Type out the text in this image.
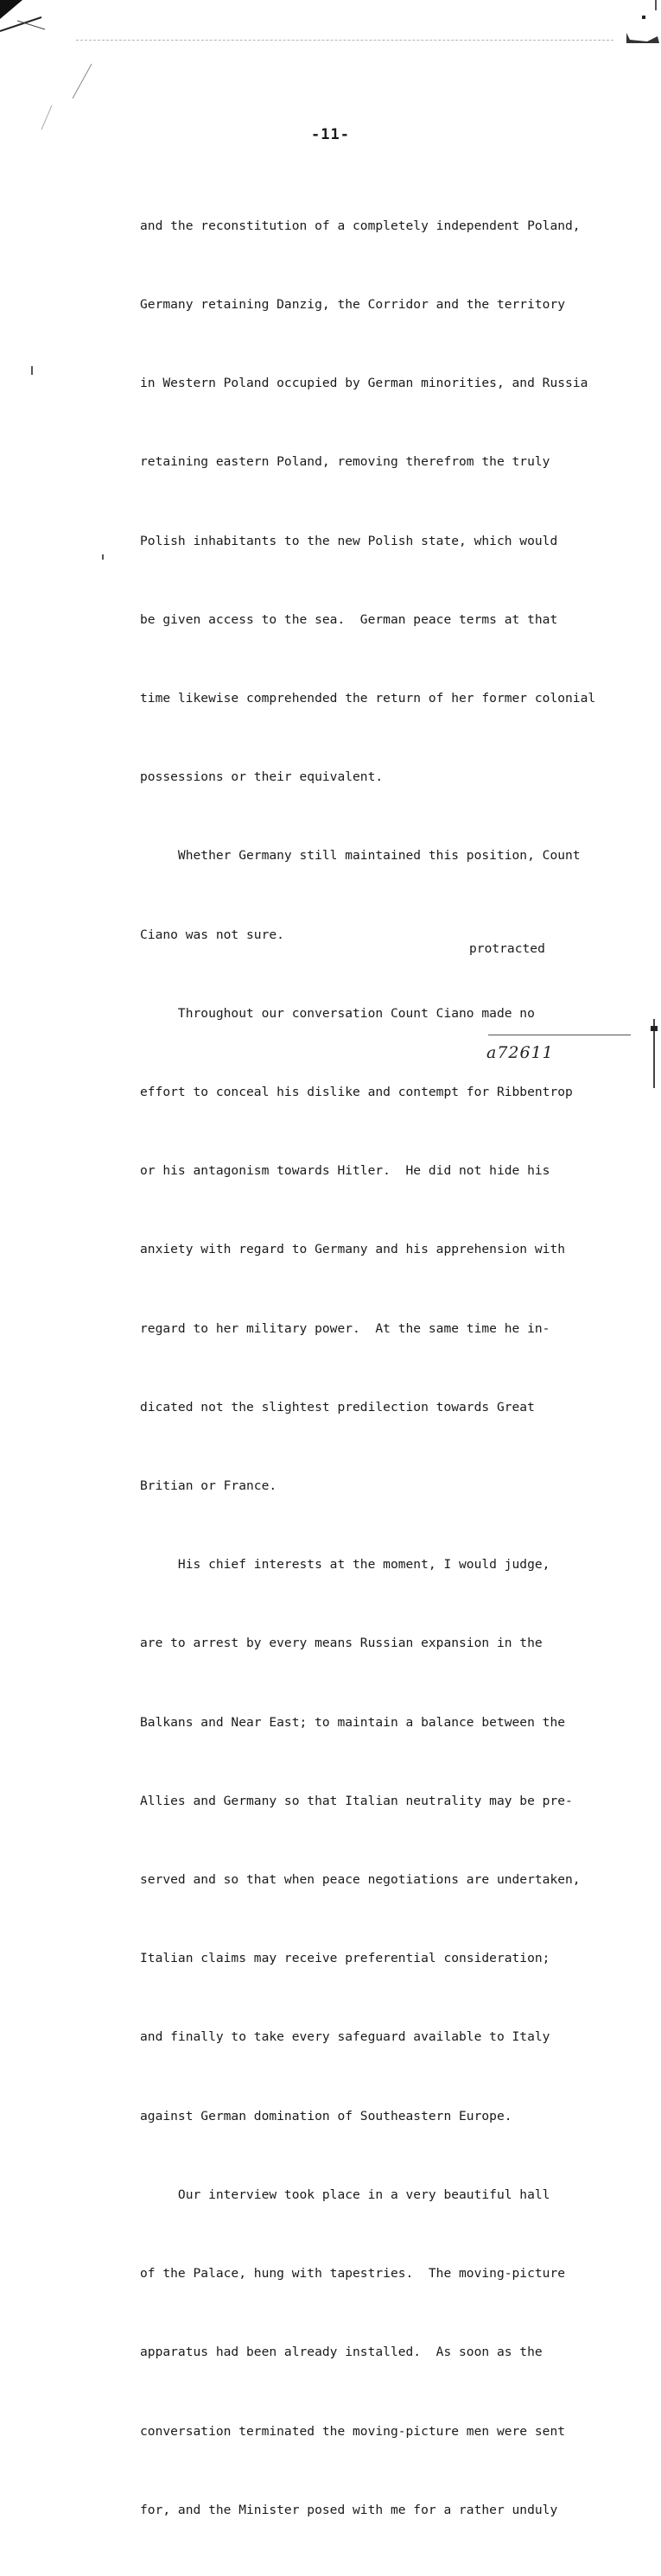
-11-

and the reconstitution of a completely independent Poland,

Germany retaining Danzig, the Corridor and the territory

in Western Poland occupied by German minorities, and Russia

retaining eastern Poland, removing therefrom the truly

Polish inhabitants to the new Polish state, which would

be given access to the sea.  German peace terms at that

time likewise comprehended the return of her former colonial

possessions or their equivalent.

Whether Germany still maintained this position, Count

Ciano was not sure.

Throughout our conversation Count Ciano made no

effort to conceal his dislike and contempt for Ribbentrop

or his antagonism towards Hitler.  He did not hide his

anxiety with regard to Germany and his apprehension with

regard to her military power.  At the same time he in-

dicated not the slightest predilection towards Great

Britian or France.

His chief interests at the moment, I would judge,

are to arrest by every means Russian expansion in the

Balkans and Near East; to maintain a balance between the

Allies and Germany so that Italian neutrality may be pre-

served and so that when peace negotiations are undertaken,

Italian claims may receive preferential consideration;

and finally to take every safeguard available to Italy

against German domination of Southeastern Europe.

Our interview took place in a very beautiful hall

of the Palace, hung with tapestries.  The moving-picture

apparatus had been already installed.  As soon as the

conversation terminated the moving-picture men were sent

for, and the Minister posed with me for a rather unduly

protracted
a72611
